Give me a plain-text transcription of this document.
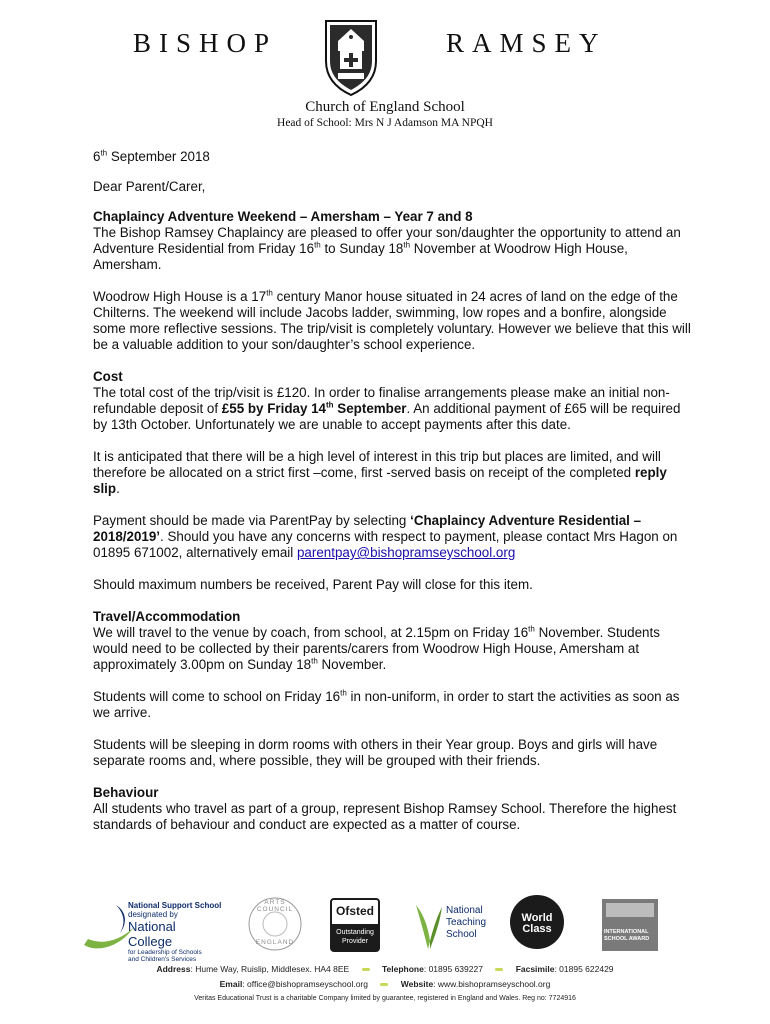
BISHOP	RAMSEY
Church of England School
Head of School: Mrs N J Adamson MA NPQH

6th September 2018

Dear Parent/Carer,

Chaplaincy Adventure Weekend – Amersham – Year 7 and 8
The Bishop Ramsey Chaplaincy are pleased to offer your son/daughter the opportunity to attend an Adventure Residential from Friday 16th to Sunday 18th November at Woodrow High House, Amersham.

Woodrow High House is a 17th century Manor house situated in 24 acres of land on the edge of the Chilterns. The weekend will include Jacobs ladder, swimming, low ropes and a bonfire, alongside some more reflective sessions. The trip/visit is completely voluntary. However we believe that this will be a valuable addition to your son/daughter’s school experience.

Cost
The total cost of the trip/visit is £120. In order to finalise arrangements please make an initial non-refundable deposit of £55 by Friday 14th September. An additional payment of £65 will be required by 13th October. Unfortunately we are unable to accept payments after this date.

It is anticipated that there will be a high level of interest in this trip but places are limited, and will therefore be allocated on a strict first –come, first -served basis on receipt of the completed reply slip.

Payment should be made via ParentPay by selecting ‘Chaplaincy Adventure Residential – 2018/2019’. Should you have any concerns with respect to payment, please contact Mrs Hagon on 01895 671002, alternatively email parentpay@bishopramseyschool.org

Should maximum numbers be received, Parent Pay will close for this item.

Travel/Accommodation
We will travel to the venue by coach, from school, at 2.15pm on Friday 16th November. Students would need to be collected by their parents/carers from Woodrow High House, Amersham at approximately 3.00pm on Sunday 18th November.

Students will come to school on Friday 16th in non-uniform, in order to start the activities as soon as we arrive.

Students will be sleeping in dorm rooms with others in their Year group. Boys and girls will have separate rooms and, where possible, they will be grouped with their friends.

Behaviour
All students who travel as part of a group, represent Bishop Ramsey School. Therefore the highest standards of behaviour and conduct are expected as a matter of course.

National Support School
designated by
National College
for Leadership of Schools
and Children's Services
ARTS COUNCIL
ENGLAND
Ofsted
Outstanding
Provider
National
Teaching
School
World
Class	INTERNATIONAL
SCHOOL AWARD
Address: Hume Way, Ruislip, Middlesex. HA4 8EE	Telephone: 01895 639227	Facsimile: 01895 622429
Email: office@bishopramseyschool.org	Website: www.bishopramseyschool.org
Veritas Educational Trust is a charitable Company limited by guarantee, registered in England and Wales. Reg no: 7724916
